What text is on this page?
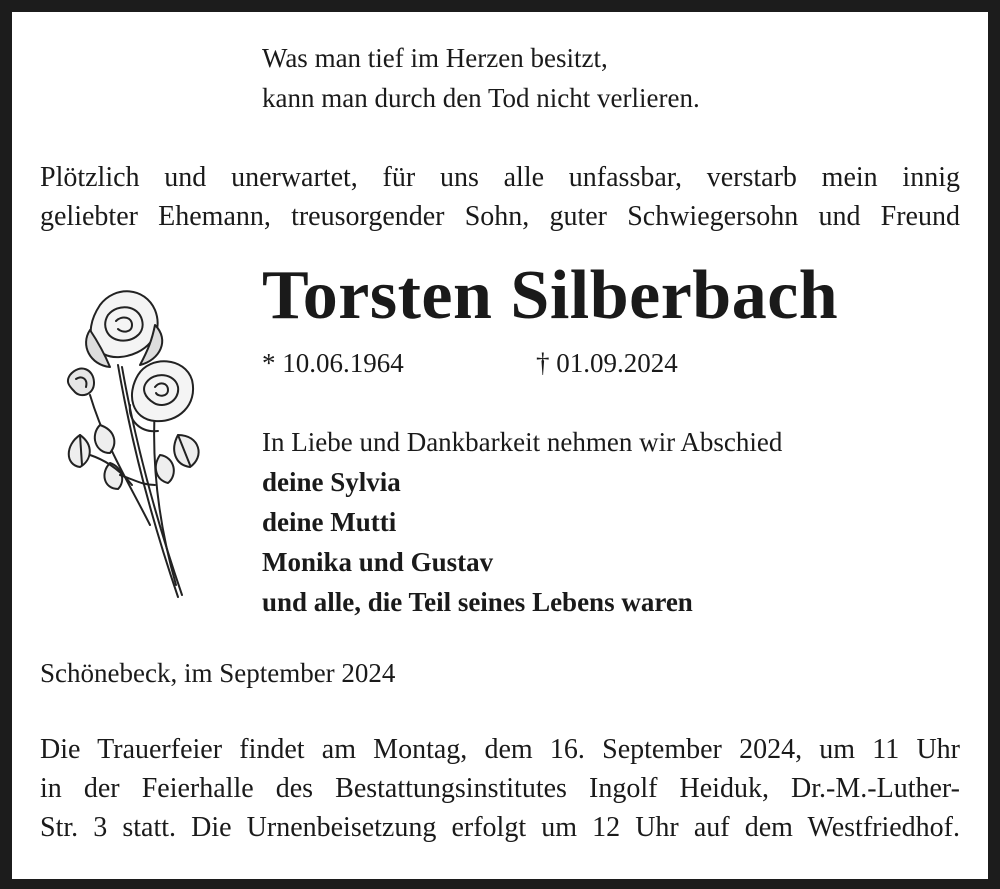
Was man tief im Herzen besitzt,
kann man durch den Tod nicht verlieren.
Plötzlich und unerwartet, für uns alle unfassbar, verstarb mein innig
geliebter Ehemann, treusorgender Sohn, guter Schwiegersohn und Freund
Torsten Silberbach
* 10.06.1964	† 01.09.2024
In Liebe und Dankbarkeit nehmen wir Abschied
deine Sylvia
deine Mutti
Monika und Gustav
und alle, die Teil seines Lebens waren
Schönebeck, im September 2024
Die Trauerfeier findet am Montag, dem 16. September 2024, um 11 Uhr
in der Feierhalle des Bestattungsinstitutes Ingolf Heiduk, Dr.-M.-Luther-
Str. 3 statt. Die Urnenbeisetzung erfolgt um 12 Uhr auf dem Westfriedhof.
